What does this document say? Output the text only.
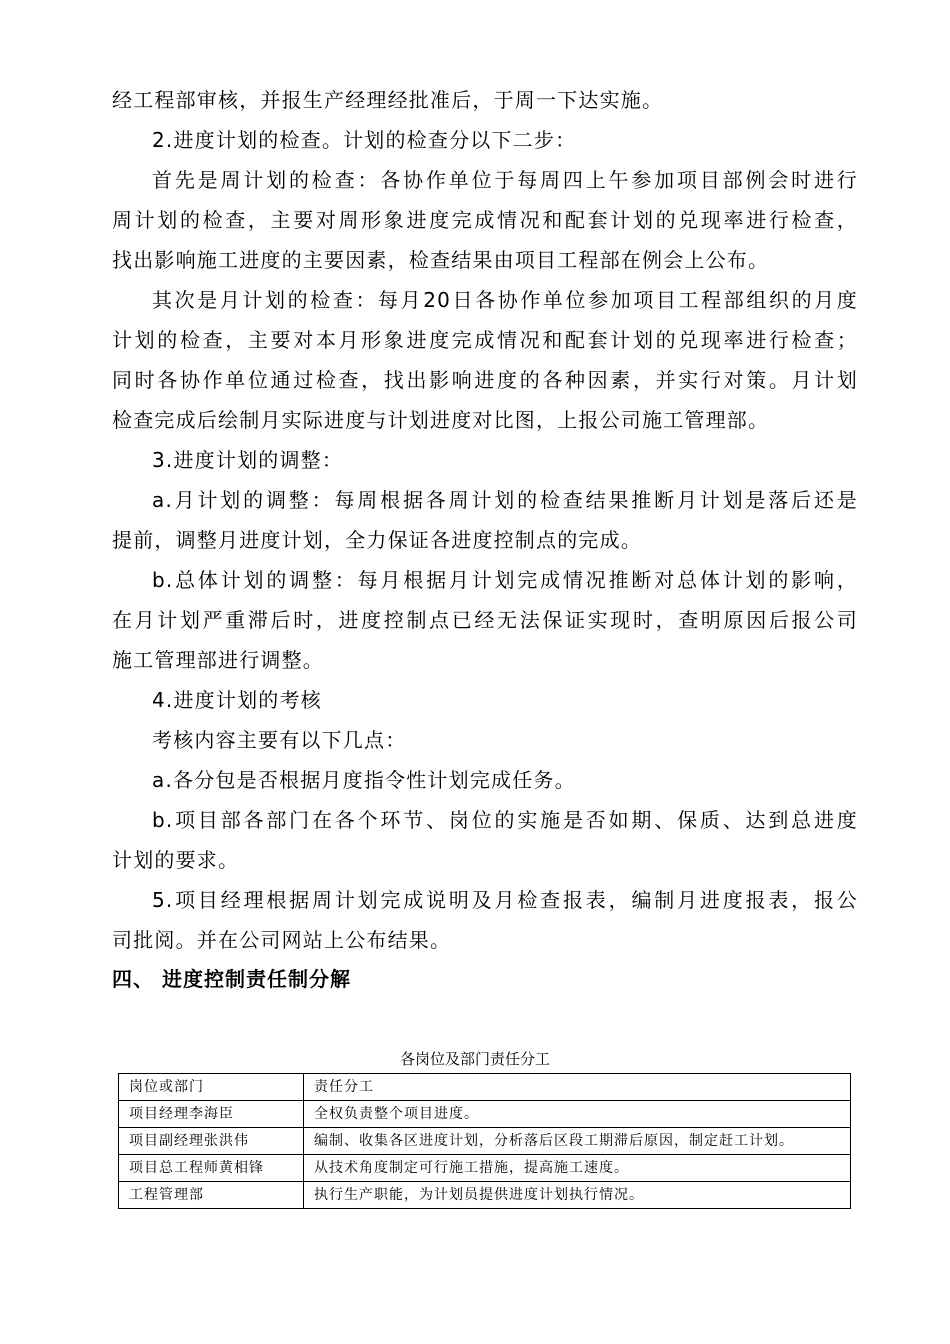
经工程部审核，并报生产经理经批准后，于周一下达实施。
2.进度计划的检查。计划的检查分以下二步：
首先是周计划的检查：各协作单位于每周四上午参加项目部例会时进行
周计划的检查，主要对周形象进度完成情况和配套计划的兑现率进行检查，
找出影响施工进度的主要因素，检查结果由项目工程部在例会上公布。
其次是月计划的检查：每月20日各协作单位参加项目工程部组织的月度
计划的检查，主要对本月形象进度完成情况和配套计划的兑现率进行检查；
同时各协作单位通过检查，找出影响进度的各种因素，并实行对策。月计划
检查完成后绘制月实际进度与计划进度对比图，上报公司施工管理部。
3.进度计划的调整：
a.月计划的调整：每周根据各周计划的检查结果推断月计划是落后还是
提前，调整月进度计划，全力保证各进度控制点的完成。
b.总体计划的调整：每月根据月计划完成情况推断对总体计划的影响，
在月计划严重滞后时，进度控制点已经无法保证实现时，查明原因后报公司
施工管理部进行调整。
4.进度计划的考核
考核内容主要有以下几点：
a.各分包是否根据月度指令性计划完成任务。
b.项目部各部门在各个环节、岗位的实施是否如期、保质、达到总进度
计划的要求。
5.项目经理根据周计划完成说明及月检查报表，编制月进度报表，报公
司批阅。并在公司网站上公布结果。
四、 进度控制责任制分解
各岗位及部门责任分工
岗位或部门	责任分工
项目经理李海臣	全权负责整个项目进度。
项目副经理张洪伟	编制、收集各区进度计划，分析落后区段工期滞后原因，制定赶工计划。
项目总工程师黄相锋	从技术角度制定可行施工措施，提高施工速度。
工程管理部	执行生产职能，为计划员提供进度计划执行情况。
